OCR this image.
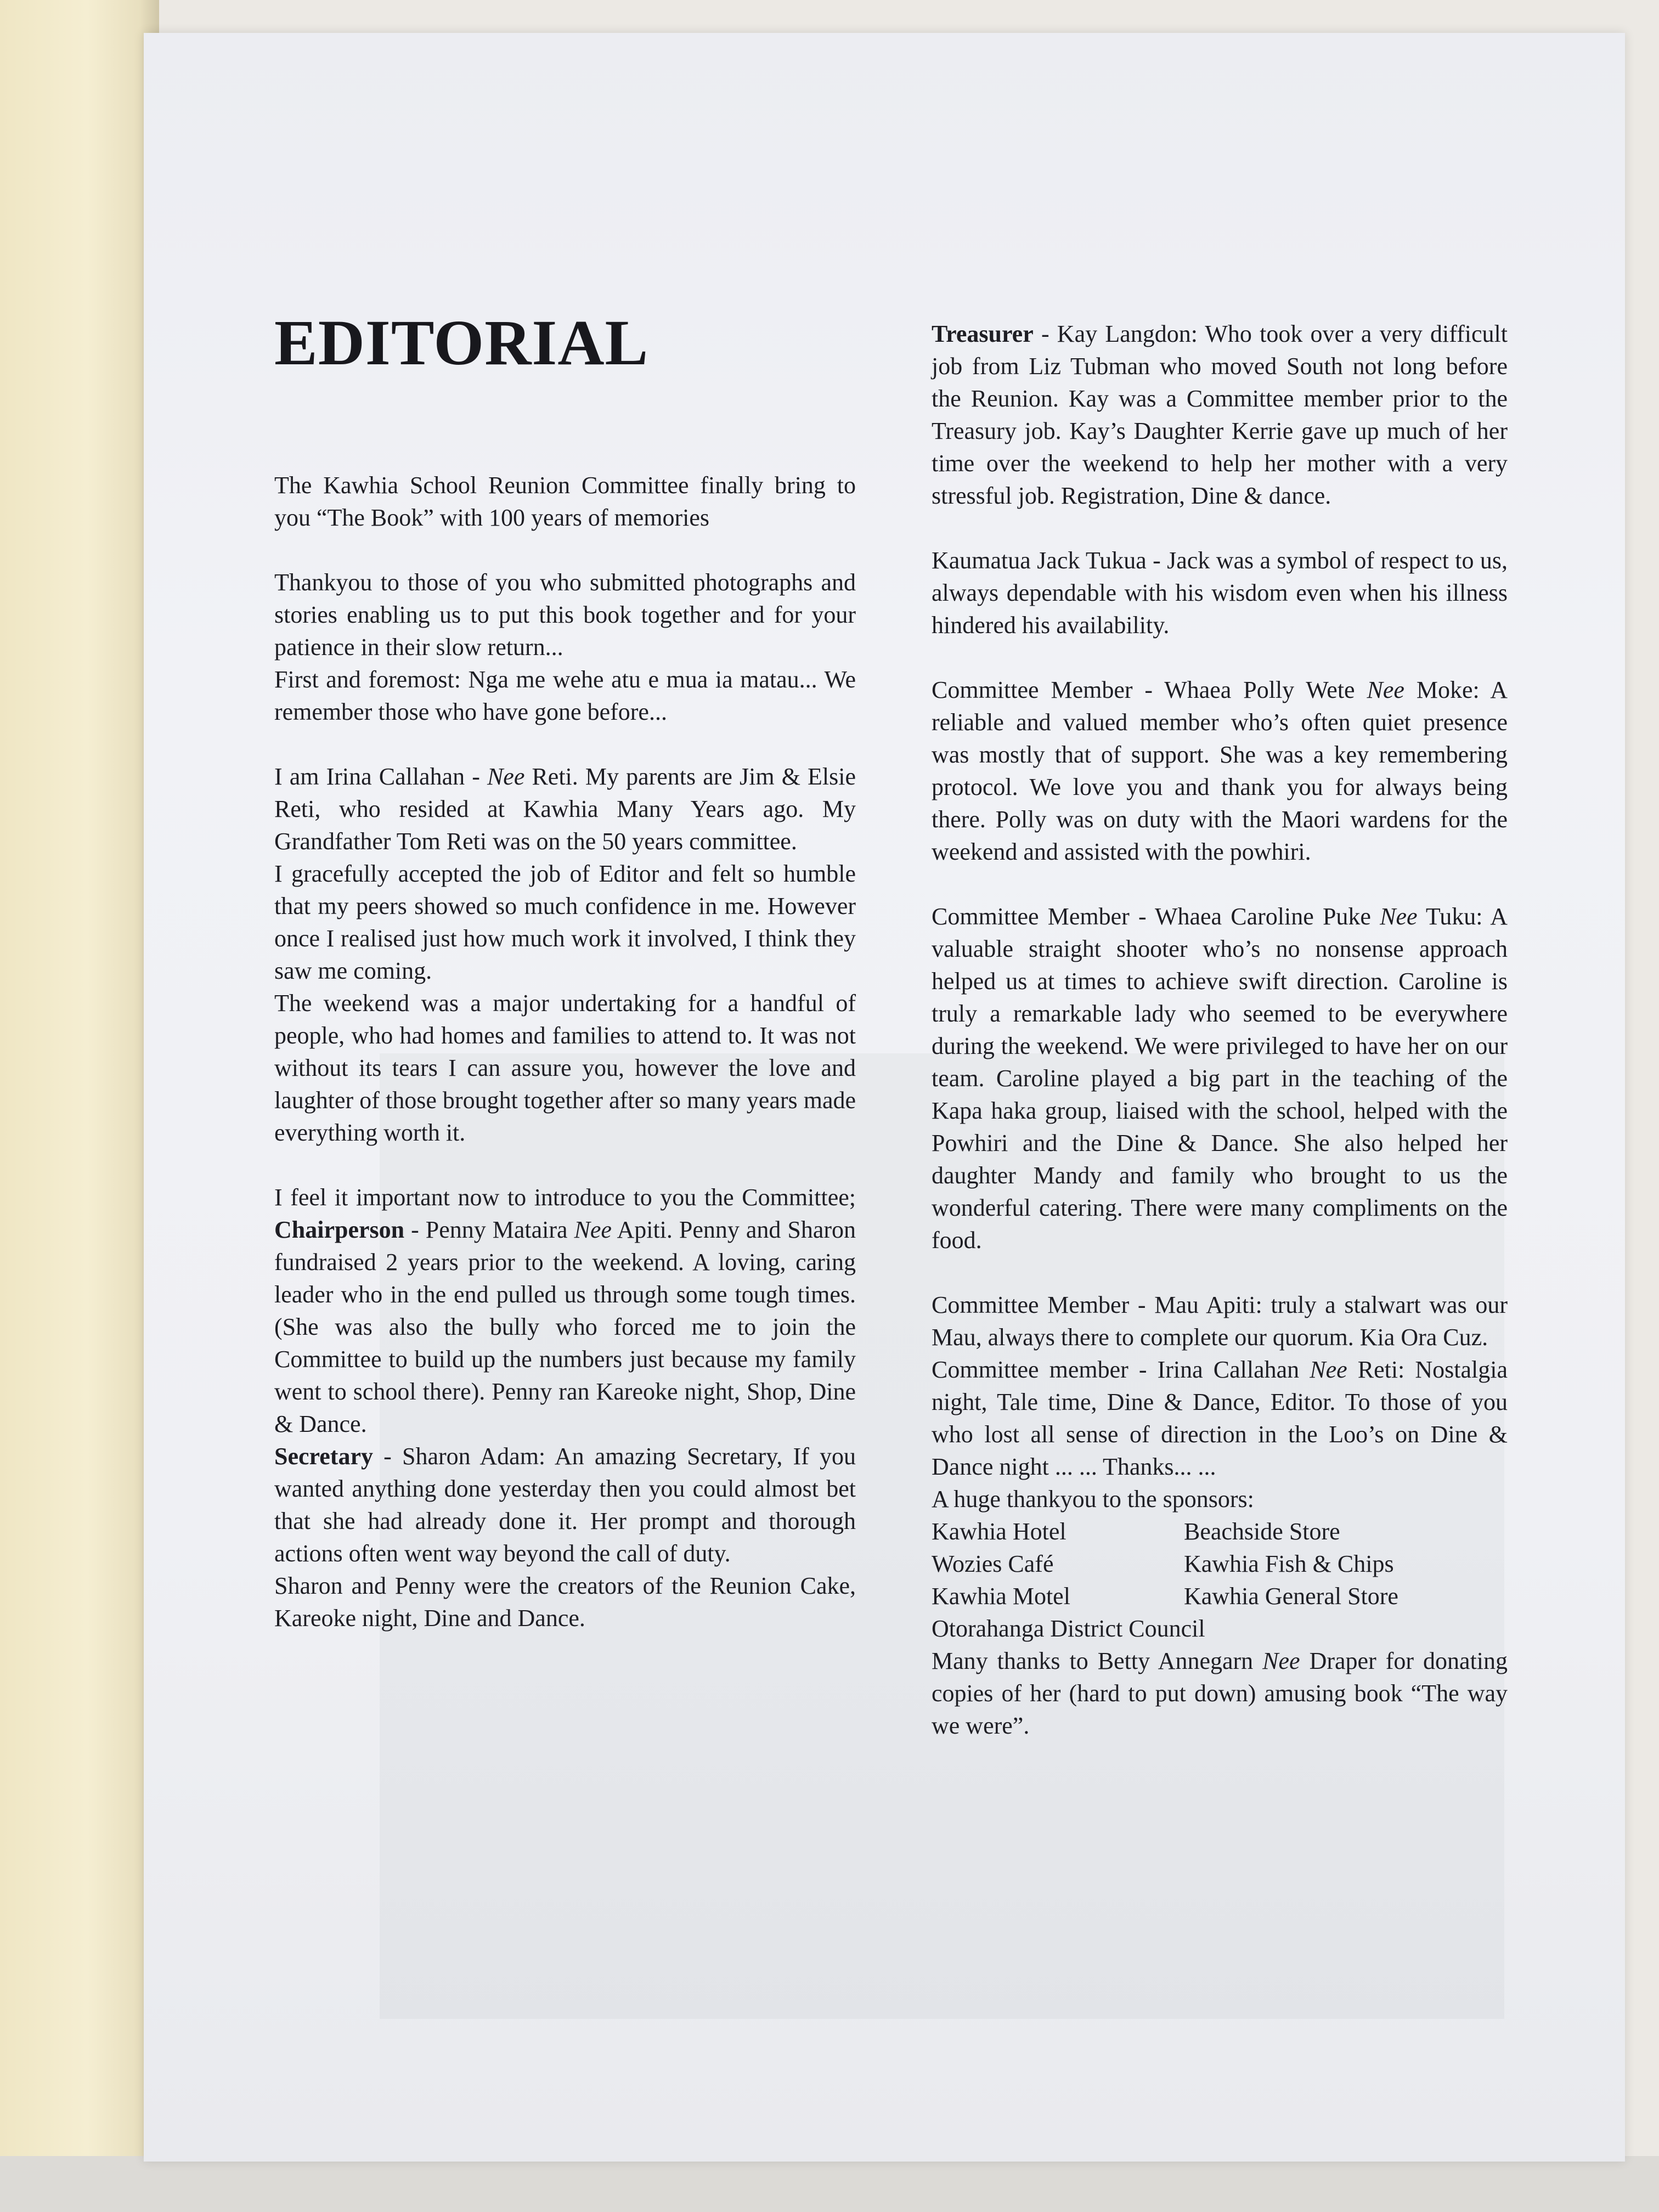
EDITORIAL

The Kawhia School Reunion Committee finally bring to you “The Book” with 100 years of memories

Thankyou to those of you who submitted photographs and stories enabling us to put this book together and for your patience in their slow return...

First and foremost: Nga me wehe atu e mua ia matau... We remember those who have gone before...

I am Irina Callahan - Nee Reti. My parents are Jim & Elsie Reti, who resided at Kawhia Many Years ago. My Grandfather Tom Reti was on the 50 years committee.

I gracefully accepted the job of Editor and felt so humble that my peers showed so much confidence in me. However once I realised just how much work it involved, I think they saw me coming.

The weekend was a major undertaking for a handful of people, who had homes and families to attend to. It was not without its tears I can assure you, however the love and laughter of those brought together after so many years made everything worth it.

I feel it important now to introduce to you the Committee; Chairperson - Penny Mataira Nee Apiti. Penny and Sharon fundraised 2 years prior to the weekend. A loving, caring leader who in the end pulled us through some tough times. (She was also the bully who forced me to join the Committee to build up the numbers just because my family went to school there). Penny ran Kareoke night, Shop, Dine & Dance.

Secretary - Sharon Adam: An amazing Secretary, If you wanted anything done yesterday then you could almost bet that she had already done it. Her prompt and thorough actions often went way beyond the call of duty.

Sharon and Penny were the creators of the Reunion Cake, Kareoke night, Dine and Dance.

Treasurer - Kay Langdon: Who took over a very difficult job from Liz Tubman who moved South not long before the Reunion. Kay was a Committee member prior to the Treasury job. Kay’s Daughter Kerrie gave up much of her time over the weekend to help her mother with a very stressful job. Registration, Dine & dance.

Kaumatua Jack Tukua - Jack was a symbol of respect to us, always dependable with his wisdom even when his illness hindered his availability.

Committee Member - Whaea Polly Wete Nee Moke: A reliable and valued member who’s often quiet presence was mostly that of support. She was a key remembering protocol. We love you and thank you for always being there. Polly was on duty with the Maori wardens for the weekend and assisted with the powhiri.

Committee Member - Whaea Caroline Puke Nee Tuku: A valuable straight shooter who’s no nonsense approach helped us at times to achieve swift direction. Caroline is truly a remarkable lady who seemed to be everywhere during the weekend. We were privileged to have her on our team. Caroline played a big part in the teaching of the Kapa haka group, liaised with the school, helped with the Powhiri and the Dine & Dance. She also helped her daughter Mandy and family who brought to us the wonderful catering. There were many compliments on the food.

Committee Member - Mau Apiti: truly a stalwart was our Mau, always there to complete our quorum. Kia Ora Cuz.

Committee member - Irina Callahan Nee Reti: Nostalgia night, Tale time, Dine & Dance, Editor. To those of you who lost all sense of direction in the Loo’s on Dine & Dance night ... ... Thanks... ...

A huge thankyou to the sponsors:

Kawhia Hotel	Beachside Store
Wozies Café	Kawhia Fish & Chips
Kawhia Motel	Kawhia General Store
Otorahanga District Council

Many thanks to Betty Annegarn Nee Draper for donating copies of her (hard to put down) amusing book “The way we were”.
